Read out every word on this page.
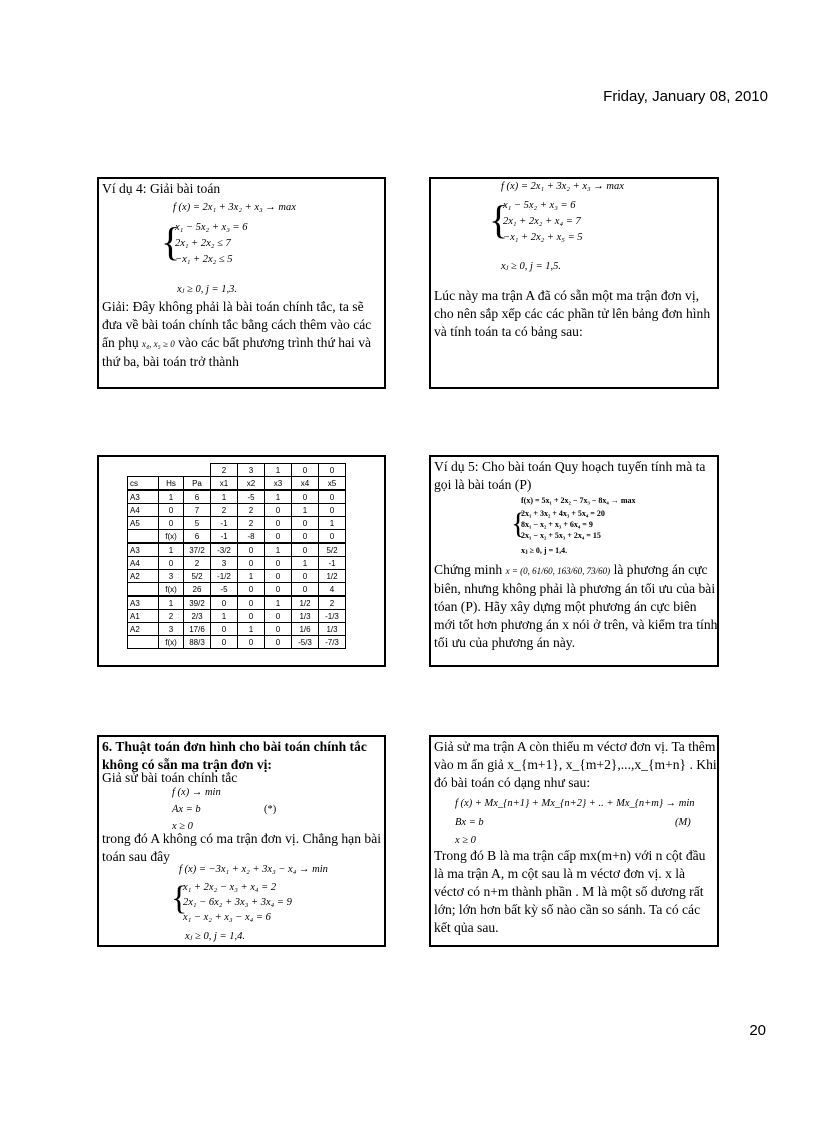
Friday, January 08, 2010
Ví dụ 4: Giải bài toán
f (x) = 2x₁ + 3x₂ + x₃ → max
{
x₁ − 5x₂ + x₃ = 6
2x₁ + 2x₂ ≤ 7
−x₁ + 2x₂ ≤ 5
xⱼ ≥ 0, j = 1,3.
Giải: Đây không phải là bài toán chính tắc, ta sẽ đưa về bài toán chính tắc bằng cách thêm vào các ẩn phụ x₄, x₅ ≥ 0 vào các bất phương trình thứ hai và thứ ba, bài toán trở thành
f (x) = 2x₁ + 3x₂ + x₃ → max
{
x₁ − 5x₂ + x₃ = 6
2x₁ + 2x₂ + x₄ = 7
−x₁ + 2x₂ + x₅ = 5
xⱼ ≥ 0, j = 1,5.
Lúc này ma trận A đã có sẵn một ma trận đơn vị, cho nên sắp xếp các các phần tử lên bảng đơn hình và tính toán ta có bảng sau:
			2	3	1	0	0
cs	Hs	Pa	x1	x2	x3	x4	x5
A3	1	6	1	-5	1	0	0
A4	0	7	2	2	0	1	0
A5	0	5	-1	2	0	0	1
	f(x)	6	-1	-8	0	0	0
A3	1	37/2	-3/2	0	1	0	5/2
A4	0	2	3	0	0	1	-1
A2	3	5/2	-1/2	1	0	0	1/2
	f(x)	26	-5	0	0	0	4
A3	1	39/2	0	0	1	1/2	2
A1	2	2/3	1	0	0	1/3	-1/3
A2	3	17/6	0	1	0	1/6	1/3
	f(x)	88/3	0	0	0	-5/3	-7/3
Ví dụ 5: Cho bài toán Quy hoạch tuyến tính mà ta gọi là bài toán (P)
f(x) = 5x₁ + 2x₂ − 7x₃ − 8x₄ → max
{
2x₁ + 3x₂ + 4x₃ + 5x₄ = 20
8x₁ − x₂ + x₃ + 6x₄ = 9
2x₁ − x₂ + 5x₃ + 2x₄ = 15
xⱼ ≥ 0, j = 1,4.
Chứng minh x = (0, 61/60, 163/60, 73/60) là phương án cực biên, nhưng không phải là phương án tối ưu của bài tóan (P). Hãy xây dựng một phương án cực biên mới tốt hơn phương án x nói ở trên, và kiểm tra tính tối ưu của phương án này.
6. Thuật toán đơn hình cho bài toán chính tắc không có sẵn ma trận đơn vị:
Giả sử bài toán chính tắc
f (x) → min
Ax = b	(*)
x ≥ 0
trong đó A không có ma trận đơn vị. Chẳng hạn bài toán sau đây
f (x) = −3x₁ + x₂ + 3x₃ − x₄ → min
{
x₁ + 2x₂ − x₃ + x₄ = 2
2x₁ − 6x₂ + 3x₃ + 3x₄ = 9
x₁ − x₂ + x₃ − x₄ = 6
xⱼ ≥ 0, j = 1,4.
Giả sử ma trận A còn thiếu m véctơ đơn vị. Ta thêm vào m ẩn giả x_{m+1}, x_{m+2},...,x_{m+n} . Khi đó bài toán có dạng như sau:
f (x) + Mx_{n+1} + Mx_{n+2} + .. + Mx_{n+m} → min
Bx = b	(M)
x ≥ 0
Trong đó B là ma trận cấp mx(m+n) với n cột đầu là ma trận A, m cột sau là m véctơ đơn vị. x là véctơ có n+m thành phần . M là một số dương rất lớn; lớn hơn bất kỳ số nào cần so sánh. Ta có các kết qủa sau.
20
